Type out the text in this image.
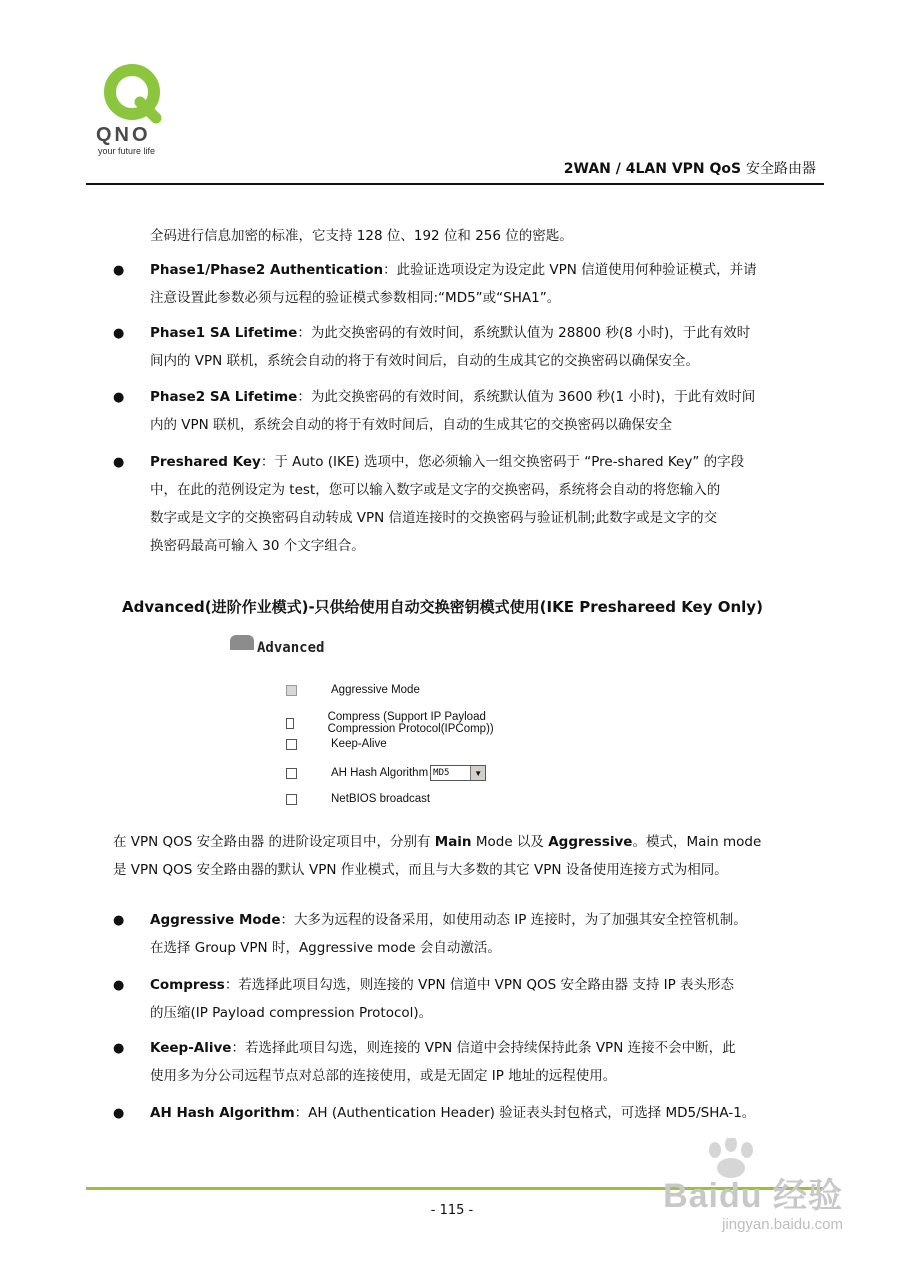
QNO
your future life
2WAN / 4LAN VPN QoS 安全路由器
全码进行信息加密的标准，它支持 128 位、192 位和 256 位的密匙。
● Phase1/Phase2 Authentication：此验证选项设定为设定此 VPN 信道使用何种验证模式，并请
注意设置此参数必须与远程的验证模式参数相同:“MD5”或“SHA1”。
● Phase1 SA Lifetime：为此交换密码的有效时间，系统默认值为 28800 秒(8 小时)，于此有效时
间内的 VPN 联机，系统会自动的将于有效时间后，自动的生成其它的交换密码以确保安全。
● Phase2 SA Lifetime：为此交换密码的有效时间，系统默认值为 3600 秒(1 小时)，于此有效时间
内的 VPN 联机，系统会自动的将于有效时间后，自动的生成其它的交换密码以确保安全
● Preshared Key：于 Auto (IKE) 选项中，您必须输入一组交换密码于 “Pre-shared Key” 的字段
中，在此的范例设定为 test，您可以输入数字或是文字的交换密码，系统将会自动的将您输入的
数字或是文字的交换密码自动转成 VPN 信道连接时的交换密码与验证机制;此数字或是文字的交
换密码最高可输入 30 个文字组合。
Advanced(进阶作业模式)-只供给使用自动交换密钥模式使用(IKE Preshareed Key Only)
Advanced
Aggressive Mode
Compress (Support IP Payload Compression Protocol(IPComp))
Keep-Alive
AH Hash Algorithm MD5	▼
NetBIOS broadcast
在 VPN QOS 安全路由器 的进阶设定项目中，分别有 Main Mode 以及 Aggressive。模式，Main mode
是 VPN QOS 安全路由器的默认 VPN 作业模式，而且与大多数的其它 VPN 设备使用连接方式为相同。
● Aggressive Mode：大多为远程的设备采用，如使用动态 IP 连接时，为了加强其安全控管机制。
在选择 Group VPN 时，Aggressive mode 会自动激活。
● Compress：若选择此项目勾选，则连接的 VPN 信道中 VPN QOS 安全路由器 支持 IP 表头形态
的压缩(IP Payload compression Protocol)。
● Keep-Alive：若选择此项目勾选，则连接的 VPN 信道中会持续保持此条 VPN 连接不会中断，此
使用多为分公司远程节点对总部的连接使用，或是无固定 IP 地址的远程使用。
● AH Hash Algorithm：AH (Authentication Header) 验证表头封包格式，可选择 MD5/SHA-1。
- 115 -	Baidu 经验
jingyan.baidu.com
